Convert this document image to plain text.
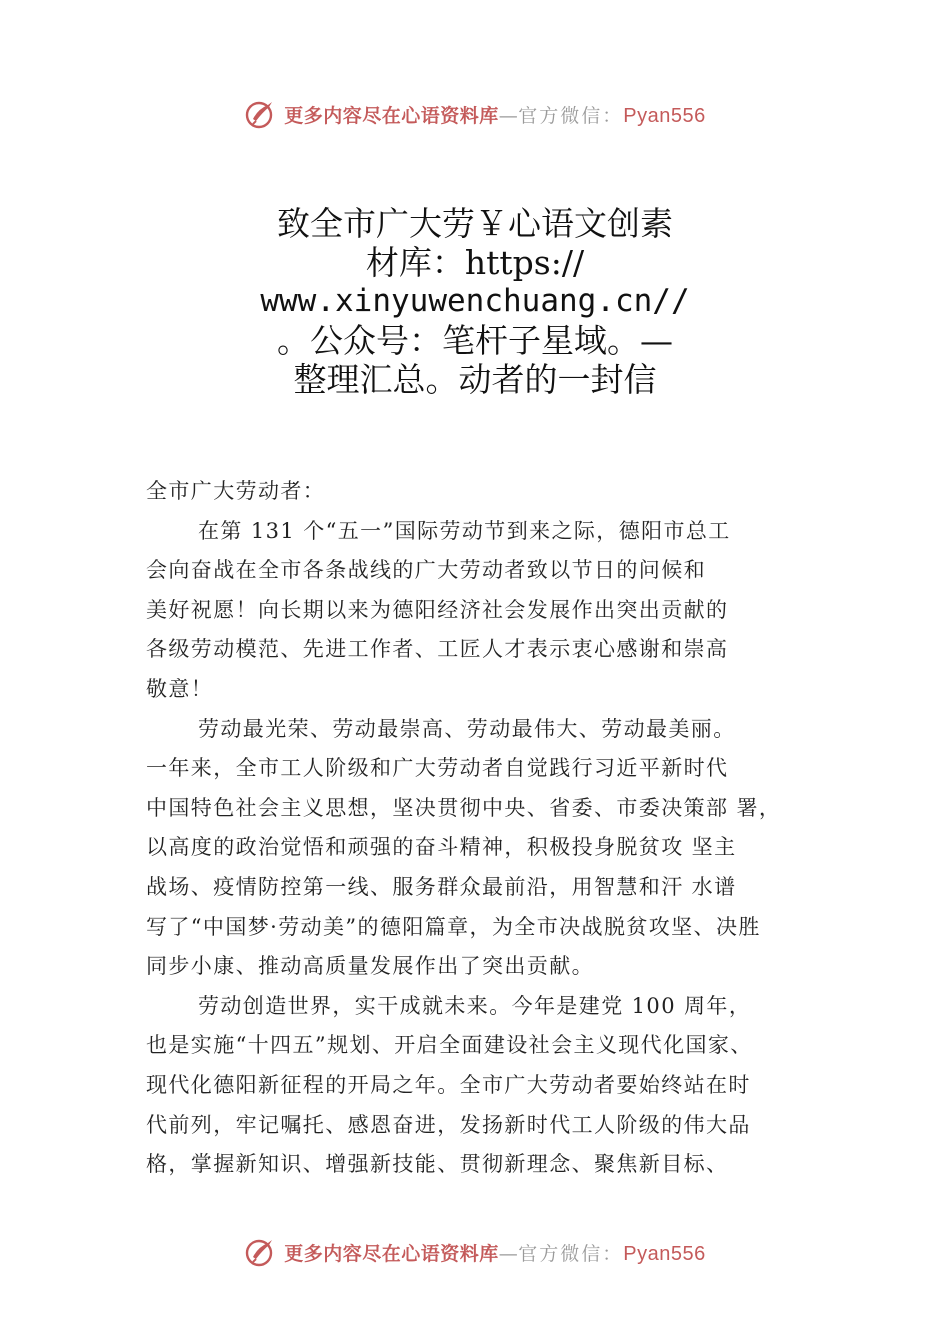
更多内容尽在心语资料库—官方微信：Pyan556
致全市广大劳￥心语文创素
材库：https://
www.xinyuwenchuang.cn//
。公众号：笔杆子星域。—
整理汇总。动者的一封信

全市广大劳动者：

在第 131 个“五一”国际劳动节到来之际，德阳市总工
会向奋战在全市各条战线的广大劳动者致以节日的问候和
美好祝愿！向长期以来为德阳经济社会发展作出突出贡献的
各级劳动模范、先进工作者、工匠人才表示衷心感谢和崇高
敬意！

劳动最光荣、劳动最崇高、劳动最伟大、劳动最美丽。
一年来，全市工人阶级和广大劳动者自觉践行习近平新时代
中国特色社会主义思想，坚决贯彻中央、省委、市委决策部 署，
以高度的政治觉悟和顽强的奋斗精神，积极投身脱贫攻 坚主
战场、疫情防控第一线、服务群众最前沿，用智慧和汗 水谱
写了“中国梦·劳动美”的德阳篇章，为全市决战脱贫攻坚、决胜
同步小康、推动高质量发展作出了突出贡献。

劳动创造世界，实干成就未来。今年是建党 100 周年，
也是实施“十四五”规划、开启全面建设社会主义现代化国家、
现代化德阳新征程的开局之年。全市广大劳动者要始终站在时
代前列，牢记嘱托、感恩奋进，发扬新时代工人阶级的伟大品
格，掌握新知识、增强新技能、贯彻新理念、聚焦新目标、

更多内容尽在心语资料库—官方微信：Pyan556
